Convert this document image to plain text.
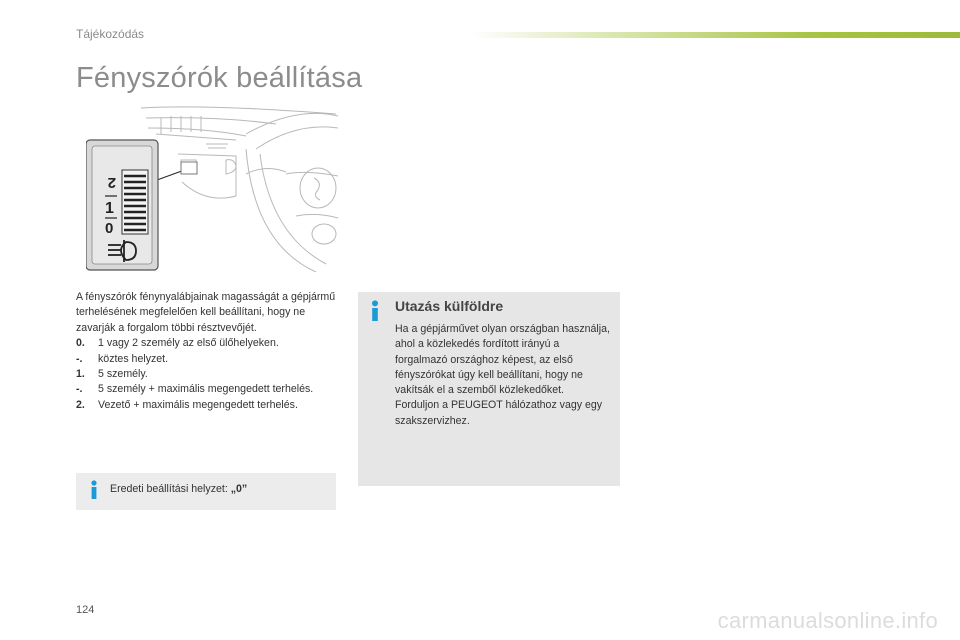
Tájékozódás
Fényszórók beállítása
2
1
0

A fényszórók fénynyalábjainak magasságát a gépjármű terhelésének megfelelően kell beállítani, hogy ne zavarják a forgalom többi résztvevőjét.

0. 1 vagy 2 személy az első ülőhelyeken.
-. köztes helyzet.
1. 5 személy.
-. 5 személy + maximális megengedett terhelés.
2. Vezető + maximális megengedett terhelés.
Eredeti beállítási helyzet: „0”
Utazás külföldre

Ha a gépjárművet olyan országban használja, ahol a közlekedés fordított irányú a forgalmazó országhoz képest, az első fényszórókat úgy kell beállítani, hogy ne vakítsák el a szemből közlekedőket.

Forduljon a PEUGEOT hálózathoz vagy egy szakszervizhez.

124	carmanualsonline.info
